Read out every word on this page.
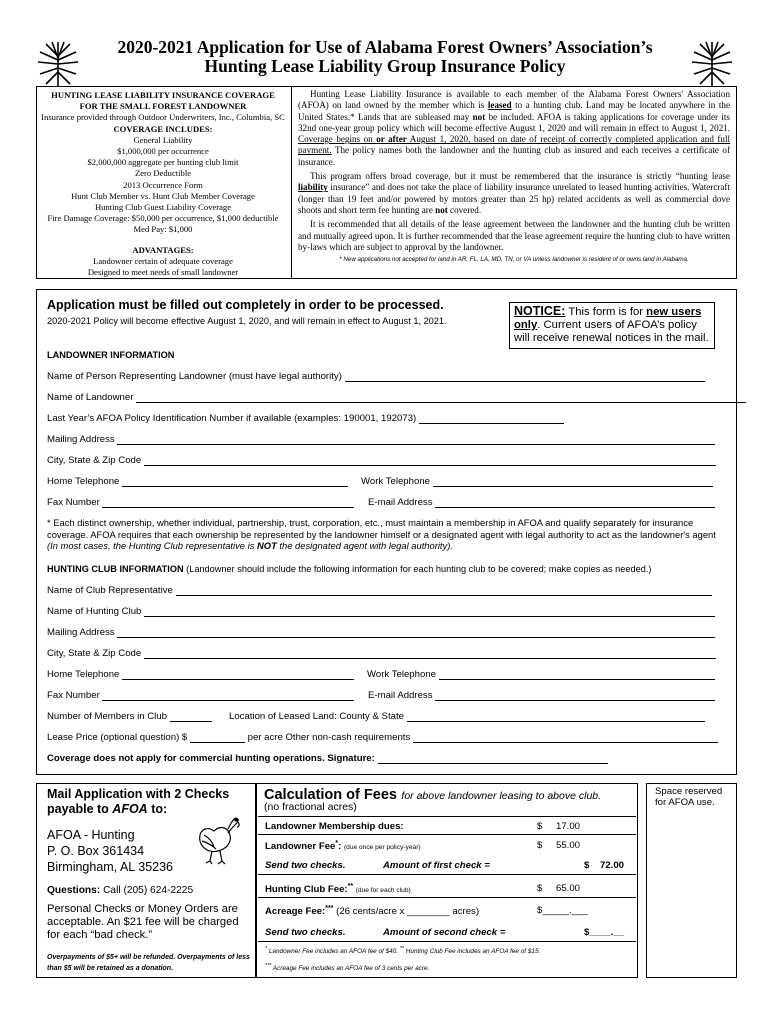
2020-2021 Application for Use of Alabama Forest Owners’ Association’s
Hunting Lease Liability Group Insurance Policy
HUNTING LEASE LIABILITY INSURANCE COVERAGE
FOR THE SMALL FOREST LANDOWNER
Insurance provided through Outdoor Underwriters, Inc., Columbia, SC
COVERAGE INCLUDES:
General Liability
$1,000,000 per occurrence
$2,000,000 aggregate per hunting club limit
Zero Deductible
2013 Occurrence Form
Hunt Club Member vs. Hunt Club Member Coverage
Hunting Club Guest Liability Coverage
Fire Damage Coverage: $50,000 per occurrence, $1,000 deductible
Med Pay: $1,000
ADVANTAGES:
Landowner certain of adequate coverage
Designed to meet needs of small landowner

Hunting Lease Liability Insurance is available to each member of the Alabama Forest Owners' Association (AFOA) on land owned by the member which is leased to a hunting club. Land may be located anywhere in the United States.* Lands that are subleased may not be included. AFOA is taking applications for coverage under its 32nd one-year group policy which will become effective August 1, 2020 and will remain in effect to August 1, 2021. Coverage begins on or after August 1, 2020, based on date of receipt of correctly completed application and full payment. The policy names both the landowner and the hunting club as insured and each receives a certificate of insurance.

This program offers broad coverage, but it must be remembered that the insurance is strictly “hunting lease liability insurance” and does not take the place of liability insurance unrelated to leased hunting activities. Watercraft (longer than 19 feet and/or powered by motors greater than 25 hp) related accidents as well as commercial dove shoots and short term fee hunting are not covered.

It is recommended that all details of the lease agreement between the landowner and the hunting club be written and mutually agreed upon. It is further recommended that the lease agreement require the hunting club to have written by-laws which are subject to approval by the landowner.

* New applications not accepted for land in AR, FL, LA, MD, TN, or VA unless landowner is resident of or owns land in Alabama.
Application must be filled out completely in order to be processed.
2020-2021 Policy will become effective August 1, 2020, and will remain in effect to August 1, 2021.
NOTICE: This form is for new users only. Current users of AFOA’s policy will receive renewal notices in the mail.
LANDOWNER INFORMATION
Name of Person Representing Landowner (must have legal authority)
Name of Landowner
Last Year’s AFOA Policy Identification Number if available (examples: 190001, 192073)
Mailing Address
City, State & Zip Code
Home Telephone	Work Telephone
Fax Number	E-mail Address
* Each distinct ownership, whether individual, partnership, trust, corporation, etc., must maintain a membership in AFOA and qualify separately for insurance coverage. AFOA requires that each ownership be represented by the landowner himself or a designated agent with legal authority to act as the landowner's agent (In most cases, the Hunting Club representative is NOT the designated agent with legal authority).
HUNTING CLUB INFORMATION (Landowner should include the following information for each hunting club to be covered; make copies as needed.)
Name of Club Representative
Name of Hunting Club
Mailing Address
City, State & Zip Code
Home Telephone	Work Telephone
Fax Number	E-mail Address
Number of Members in Club	Location of Leased Land: County & State
Lease Price (optional question) $	per acre Other non-cash requirements
Coverage does not apply for commercial hunting operations. Signature:
Mail Application with 2 Checks
payable to AFOA to:
AFOA - Hunting
P. O. Box 361434
Birmingham, AL 35236
Questions: Call (205) 624-2225
Personal Checks or Money Orders are acceptable. An $21 fee will be charged for each “bad check.”
Overpayments of $5+ will be refunded. Overpayments of less than $5 will be retained as a donation.
Calculation of Fees for above landowner leasing to above club.
(no fractional acres)
Landowner Membership dues:	$ 17.00
Landowner Fee*: (due once per policy-year)	$ 55.00
Send two checks.	Amount of first check =	$ 72.00
Hunting Club Fee:** (due for each club)	$ 65.00
Acreage Fee:*** (26 cents/acre x ________ acres)	$_____.___
Send two checks.	Amount of second check =	$____.__
* Landowner Fee includes an AFOA fee of $40. ** Hunting Club Fee includes an AFOA fee of $15.
*** Acreage Fee includes an AFOA fee of 3 cents per acre.
Space reserved for AFOA use.
